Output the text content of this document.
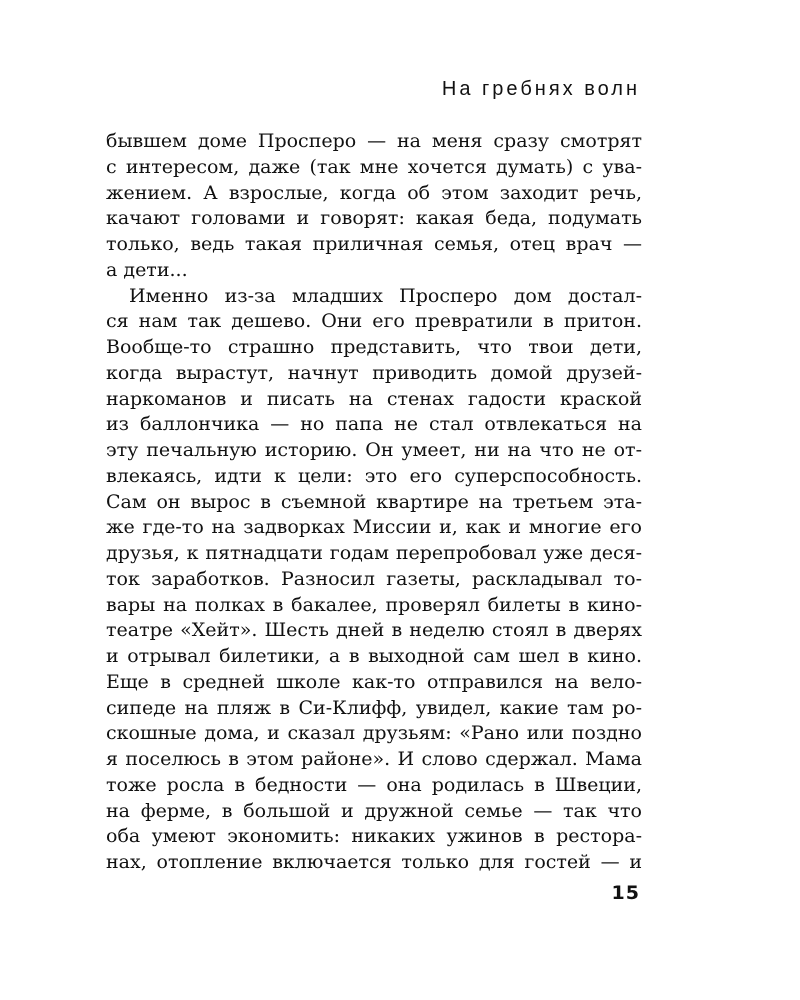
На гребнях волн
бывшем доме Просперо — на меня сразу смотрят
с интересом, даже (так мне хочется думать) с ува-
жением. А взрослые, когда об этом заходит речь,
качают головами и говорят: какая беда, подумать
только, ведь такая приличная семья, отец врач —
а дети...
Именно из-за младших Просперо дом достал-
ся нам так дешево. Они его превратили в притон.
Вообще-то страшно представить, что твои дети,
когда вырастут, начнут приводить домой друзей-
наркоманов и писать на стенах гадости краской
из баллончика — но папа не стал отвлекаться на
эту печальную историю. Он умеет, ни на что не от-
влекаясь, идти к цели: это его суперспособность.
Сам он вырос в съемной квартире на третьем эта-
же где-то на задворках Миссии и, как и многие его
друзья, к пятнадцати годам перепробовал уже деся-
ток заработков. Разносил газеты, раскладывал то-
вары на полках в бакалее, проверял билеты в кино-
театре «Хейт». Шесть дней в неделю стоял в дверях
и отрывал билетики, а в выходной сам шел в кино.
Еще в средней школе как-то отправился на вело-
сипеде на пляж в Си-Клифф, увидел, какие там ро-
скошные дома, и сказал друзьям: «Рано или поздно
я поселюсь в этом районе». И слово сдержал. Мама
тоже росла в бедности — она родилась в Швеции,
на ферме, в большой и дружной семье — так что
оба умеют экономить: никаких ужинов в рестора-
нах, отопление включается только для гостей — и
15
